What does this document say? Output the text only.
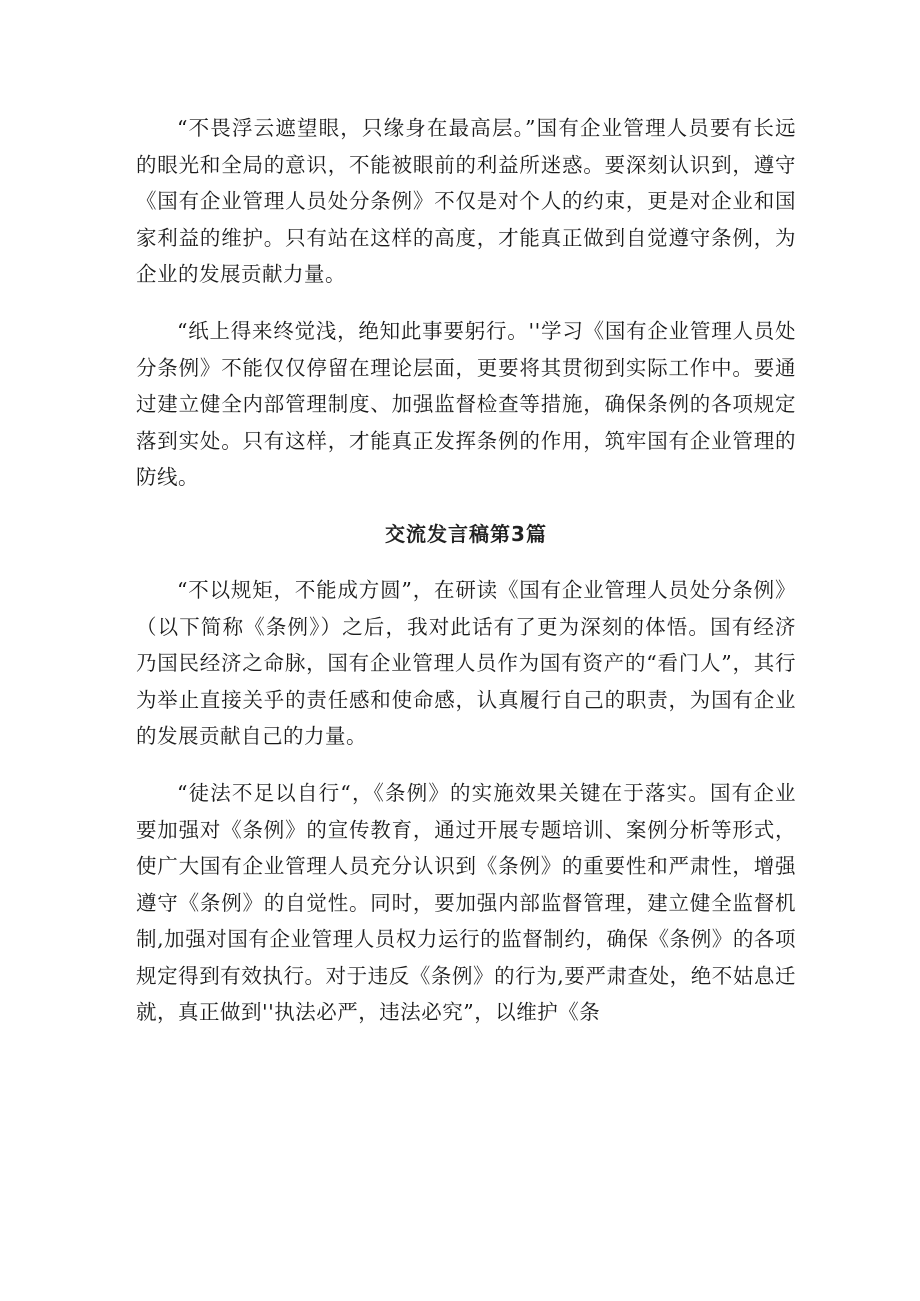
“不畏浮云遮望眼，只缘身在最高层。”国有企业管理人员要有长远的眼光和全局的意识，不能被眼前的利益所迷惑。要深刻认识到，遵守《国有企业管理人员处分条例》不仅是对个人的约束，更是对企业和国家利益的维护。只有站在这样的高度，才能真正做到自觉遵守条例，为企业的发展贡献力量。

“纸上得来终觉浅，绝知此事要躬行。''学习《国有企业管理人员处分条例》不能仅仅停留在理论层面，更要将其贯彻到实际工作中。要通过建立健全内部管理制度、加强监督检查等措施，确保条例的各项规定落到实处。只有这样，才能真正发挥条例的作用，筑牢国有企业管理的防线。

交流发言稿第3篇

“不以规矩，不能成方圆”，在研读《国有企业管理人员处分条例》（以下简称《条例》）之后，我对此话有了更为深刻的体悟。国有经济乃国民经济之命脉，国有企业管理人员作为国有资产的“看门人”，其行为举止直接关乎的责任感和使命感，认真履行自己的职责，为国有企业的发展贡献自己的力量。

“徒法不足以自行“，《条例》的实施效果关键在于落实。国有企业要加强对《条例》的宣传教育，通过开展专题培训、案例分析等形式，使广大国有企业管理人员充分认识到《条例》的重要性和严肃性，增强遵守《条例》的自觉性。同时，要加强内部监督管理，建立健全监督机制,加强对国有企业管理人员权力运行的监督制约，确保《条例》的各项规定得到有效执行。对于违反《条例》的行为,要严肃查处，绝不姑息迁就，真正做到''执法必严，违法必究”，以维护《条
